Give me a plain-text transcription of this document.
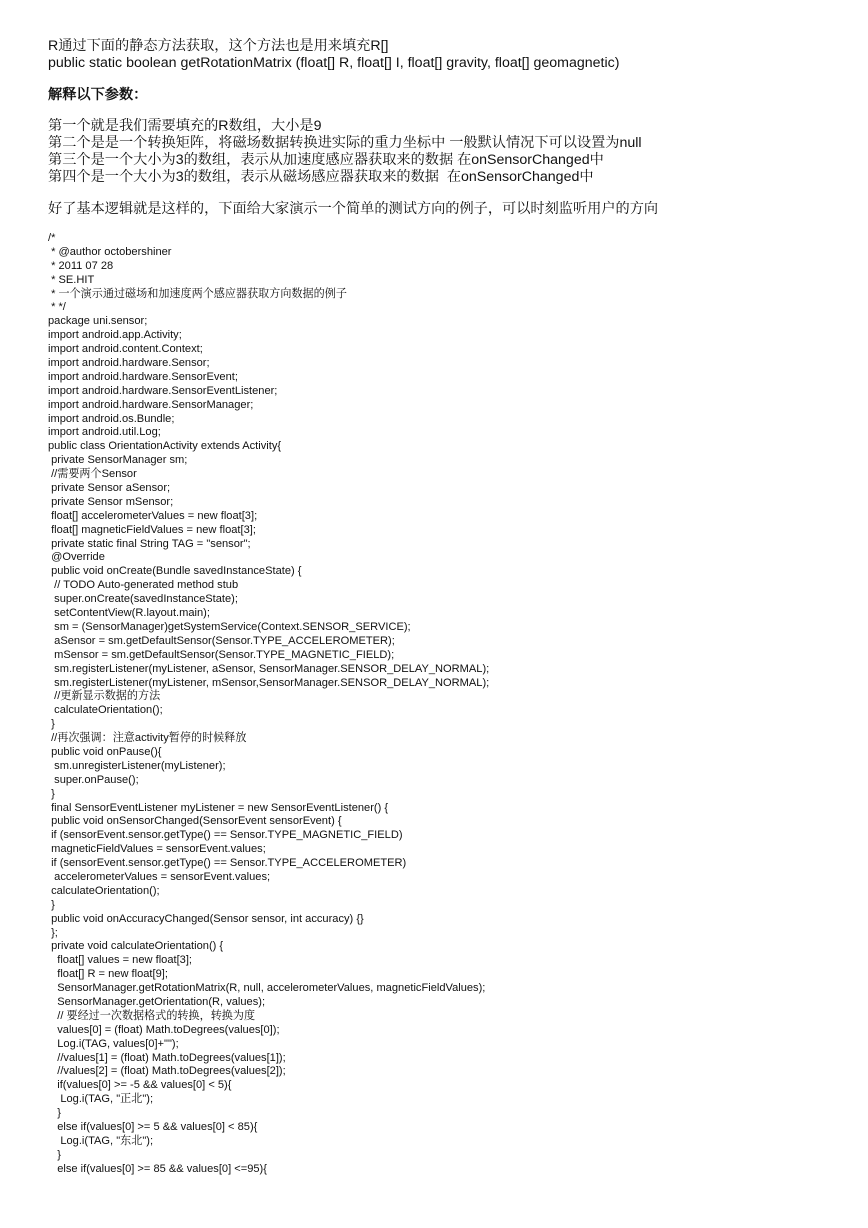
R通过下面的静态方法获取，这个方法也是用来填充R[]

public static boolean getRotationMatrix (float[] R, float[] I, float[] gravity, float[] geomagnetic)

解释以下参数：

第一个就是我们需要填充的R数组，大小是9

第二个是是一个转换矩阵，将磁场数据转换进实际的重力坐标中 一般默认情况下可以设置为null

第三个是一个大小为3的数组，表示从加速度感应器获取来的数据 在onSensorChanged中

第四个是一个大小为3的数组，表示从磁场感应器获取来的数据  在onSensorChanged中

好了基本逻辑就是这样的，下面给大家演示一个简单的测试方向的例子，可以时刻监听用户的方向

/*

* @author octobershiner

* 2011 07 28

* SE.HIT

* 一个演示通过磁场和加速度两个感应器获取方向数据的例子

* */

package uni.sensor;

import android.app.Activity;

import android.content.Context;

import android.hardware.Sensor;

import android.hardware.SensorEvent;

import android.hardware.SensorEventListener;

import android.hardware.SensorManager;

import android.os.Bundle;

import android.util.Log;

public class OrientationActivity extends Activity{

private SensorManager sm;

//需要两个Sensor

private Sensor aSensor;

private Sensor mSensor;

float[] accelerometerValues = new float[3];

float[] magneticFieldValues = new float[3];

private static final String TAG = "sensor";

@Override

public void onCreate(Bundle savedInstanceState) {

// TODO Auto-generated method stub

super.onCreate(savedInstanceState);

setContentView(R.layout.main);

sm = (SensorManager)getSystemService(Context.SENSOR_SERVICE);

aSensor = sm.getDefaultSensor(Sensor.TYPE_ACCELEROMETER);

mSensor = sm.getDefaultSensor(Sensor.TYPE_MAGNETIC_FIELD);

sm.registerListener(myListener, aSensor, SensorManager.SENSOR_DELAY_NORMAL);

sm.registerListener(myListener, mSensor,SensorManager.SENSOR_DELAY_NORMAL);

//更新显示数据的方法

calculateOrientation();

}

//再次强调：注意activity暂停的时候释放

public void onPause(){

sm.unregisterListener(myListener);

super.onPause();

}

final SensorEventListener myListener = new SensorEventListener() {

public void onSensorChanged(SensorEvent sensorEvent) {

if (sensorEvent.sensor.getType() == Sensor.TYPE_MAGNETIC_FIELD)

magneticFieldValues = sensorEvent.values;

if (sensorEvent.sensor.getType() == Sensor.TYPE_ACCELEROMETER)

accelerometerValues = sensorEvent.values;

calculateOrientation();

}

public void onAccuracyChanged(Sensor sensor, int accuracy) {}

};

private void calculateOrientation() {

float[] values = new float[3];

float[] R = new float[9];

SensorManager.getRotationMatrix(R, null, accelerometerValues, magneticFieldValues);

SensorManager.getOrientation(R, values);

// 要经过一次数据格式的转换，转换为度

values[0] = (float) Math.toDegrees(values[0]);

Log.i(TAG, values[0]+"");

//values[1] = (float) Math.toDegrees(values[1]);

//values[2] = (float) Math.toDegrees(values[2]);

if(values[0] >= -5 && values[0] < 5){

Log.i(TAG, "正北");

}

else if(values[0] >= 5 && values[0] < 85){

Log.i(TAG, "东北");

}

else if(values[0] >= 85 && values[0] <=95){
